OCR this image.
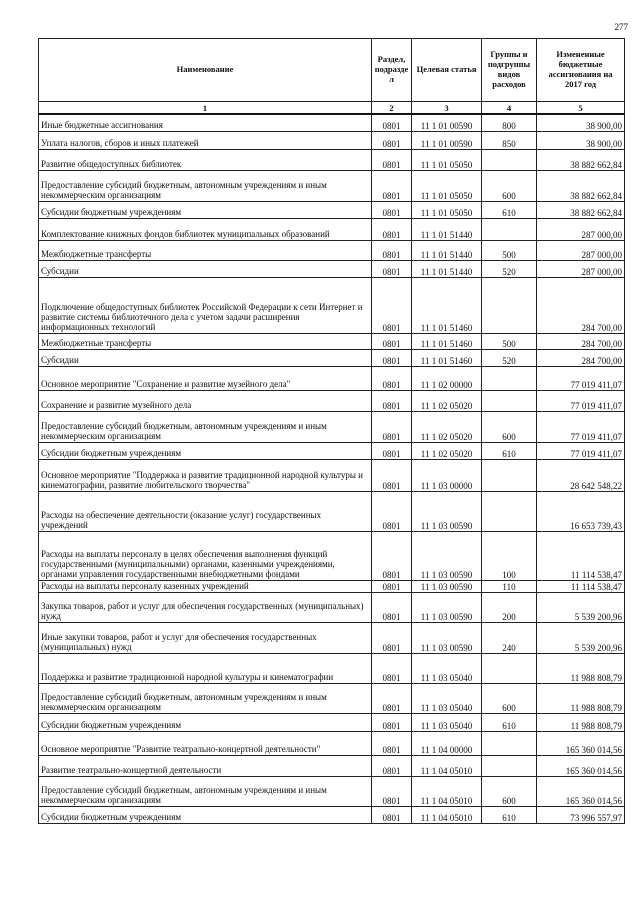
277
Наименование	Раздел, подразде л	Целевая статья	Группы и подгруппы видов расходов	Измененные бюджетные ассигнования на 2017 год
1	2	3	4	5
Иные бюджетные ассигнования	0801	11 1 01 00590	800	38 900,00
Уплата налогов, сборов и иных платежей	0801	11 1 01 00590	850	38 900,00
Развитие общедоступных библиотек	0801	11 1 01 05050		38 882 662,84
Предоставление субсидий бюджетным, автономным учреждениям и иным некоммерческим организациям	0801	11 1 01 05050	600	38 882 662,84
Субсидии бюджетным учреждениям	0801	11 1 01 05050	610	38 882 662,84
Комплектование книжных фондов библиотек муниципальных образований	0801	11 1 01 51440		287 000,00
Межбюджетные трансферты	0801	11 1 01 51440	500	287 000,00
Субсидии	0801	11 1 01 51440	520	287 000,00
Подключение общедоступных библиотек Российской Федерации к сети Интернет и развитие системы библиотечного дела с учетом задачи расширения информационных технологий	0801	11 1 01 51460		284 700,00
Межбюджетные трансферты	0801	11 1 01 51460	500	284 700,00
Субсидии	0801	11 1 01 51460	520	284 700,00
Основное мероприятие "Сохранение и развитие музейного дела"	0801	11 1 02 00000		77 019 411,07
Сохранение и развитие музейного дела	0801	11 1 02 05020		77 019 411,07
Предоставление субсидий бюджетным, автономным учреждениям и иным некоммерческим организациям	0801	11 1 02 05020	600	77 019 411,07
Субсидии бюджетным учреждениям	0801	11 1 02 05020	610	77 019 411,07
Основное мероприятие "Поддержка и развитие традиционной народной культуры и кинематографии, развитие любительского творчества"	0801	11 1 03 00000		28 642 548,22
Расходы на обеспечение деятельности (оказание услуг) государственных учреждений	0801	11 1 03 00590		16 653 739,43
Расходы на выплаты персоналу в целях обеспечения выполнения функций государственными (муниципальными) органами, казенными учреждениями, органами управления государственными внебюджетными фондами	0801	11 1 03 00590	100	11 114 538,47
Расходы на выплаты персоналу казенных учреждений	0801	11 1 03 00590	110	11 114 538,47
Закупка товаров, работ и услуг для обеспечения государственных (муниципальных) нужд	0801	11 1 03 00590	200	5 539 200,96
Иные закупки товаров, работ и услуг для обеспечения государственных (муниципальных) нужд	0801	11 1 03 00590	240	5 539 200,96
Поддержка и развитие традиционной народной культуры и кинематографии	0801	11 1 03 05040		11 988 808,79
Предоставление субсидий бюджетным, автономным учреждениям и иным некоммерческим организациям	0801	11 1 03 05040	600	11 988 808,79
Субсидии бюджетным учреждениям	0801	11 1 03 05040	610	11 988 808,79
Основное мероприятие "Развитие театрально-концертной деятельности"	0801	11 1 04 00000		165 360 014,56
Развитие театрально-концертной деятельности	0801	11 1 04 05010		165 360 014,56
Предоставление субсидий бюджетным, автономным учреждениям и иным некоммерческим организациям	0801	11 1 04 05010	600	165 360 014,56
Субсидии бюджетным учреждениям	0801	11 1 04 05010	610	73 996 557,97
